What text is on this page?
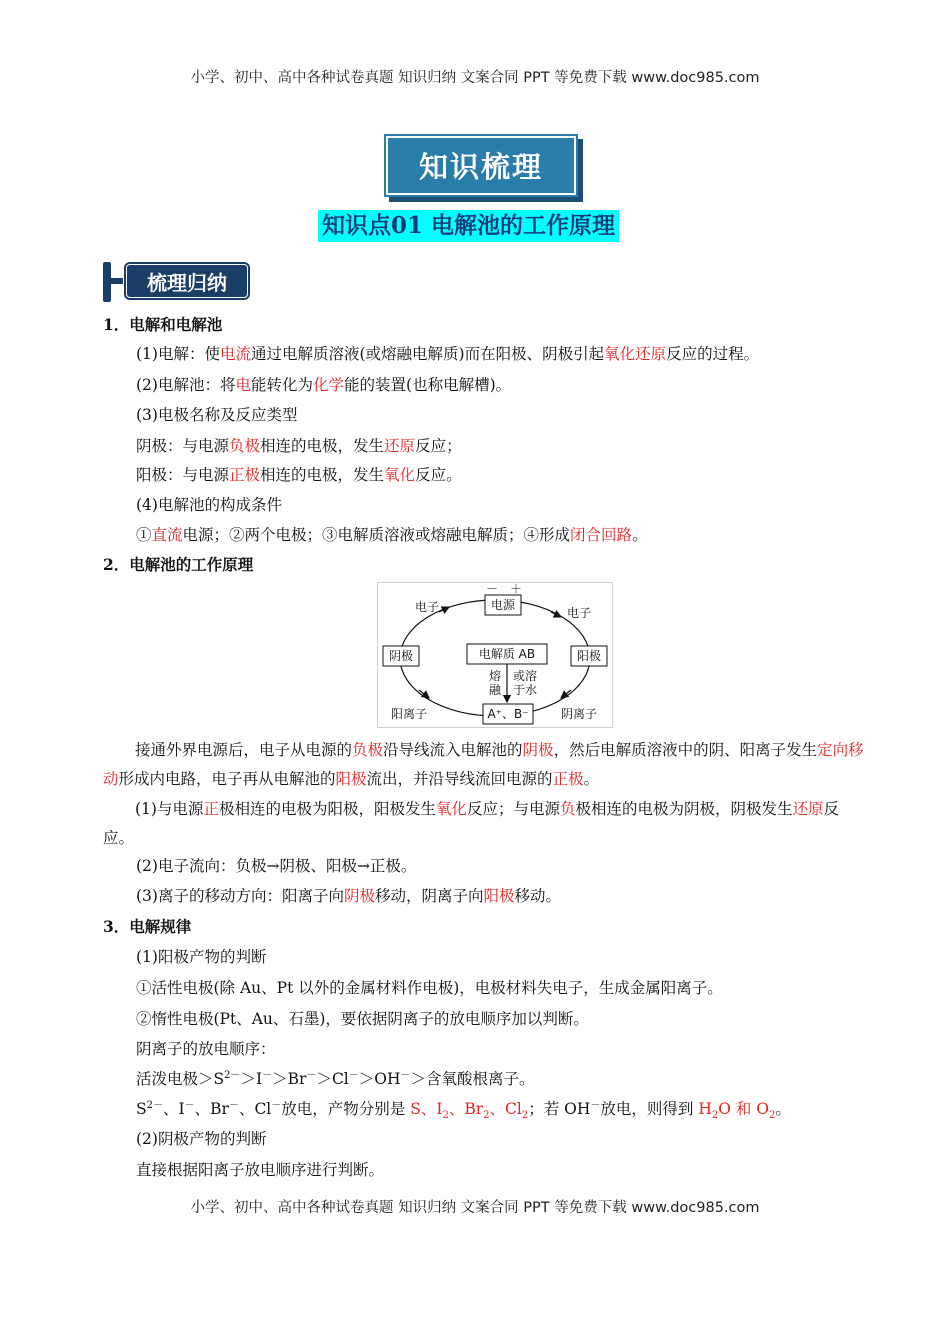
小学、初中、高中各种试卷真题 知识归纳 文案合同 PPT 等免费下载 www.doc985.com
知识梳理
知识点01 电解池的工作原理
梳理归纳
1．电解和电解池
(1)电解：使电流通过电解质溶液(或熔融电解质)而在阳极、阴极引起氧化还原反应的过程。
(2)电解池：将电能转化为化学能的装置(也称电解槽)。
(3)电极名称及反应类型
阴极：与电源负极相连的电极，发生还原反应；
阳极：与电源正极相连的电极，发生氧化反应。
(4)电解池的构成条件
①直流电源；②两个电极；③电解质溶液或熔融电解质；④形成闭合回路。
2．电解池的工作原理
电源
－ ＋
电子	电子
阴极	阳极
电解质 AB
熔
融
或溶
于水
A⁺、B⁻
阳离子	阴离子
接通外界电源后，电子从电源的负极沿导线流入电解池的阴极，然后电解质溶液中的阴、阳离子发生定向移动形成内电路，电子再从电解池的阳极流出，并沿导线流回电源的正极。
(1)与电源正极相连的电极为阳极，阳极发生氧化反应；与电源负极相连的电极为阴极，阴极发生还原反应。
(2)电子流向：负极→阴极、阳极→正极。
(3)离子的移动方向：阳离子向阴极移动，阴离子向阳极移动。
3．电解规律
(1)阳极产物的判断
①活性电极(除 Au、Pt 以外的金属材料作电极)，电极材料失电子，生成金属阳离子。
②惰性电极(Pt、Au、石墨)，要依据阴离子的放电顺序加以判断。
阴离子的放电顺序：
活泼电极$>S^{2-}>I^->Br^->Cl^->OH^->$含氧酸根离子。
$S^{2-}$、I－、Br－、Cl－放电，产物分别是 S、$I_2$、$Br_2$、$Cl_2$；若 OH－放电，则得到 $H_2O$ 和 $O_2$。
(2)阴极产物的判断
直接根据阳离子放电顺序进行判断。
小学、初中、高中各种试卷真题 知识归纳 文案合同 PPT 等免费下载 www.doc985.com
